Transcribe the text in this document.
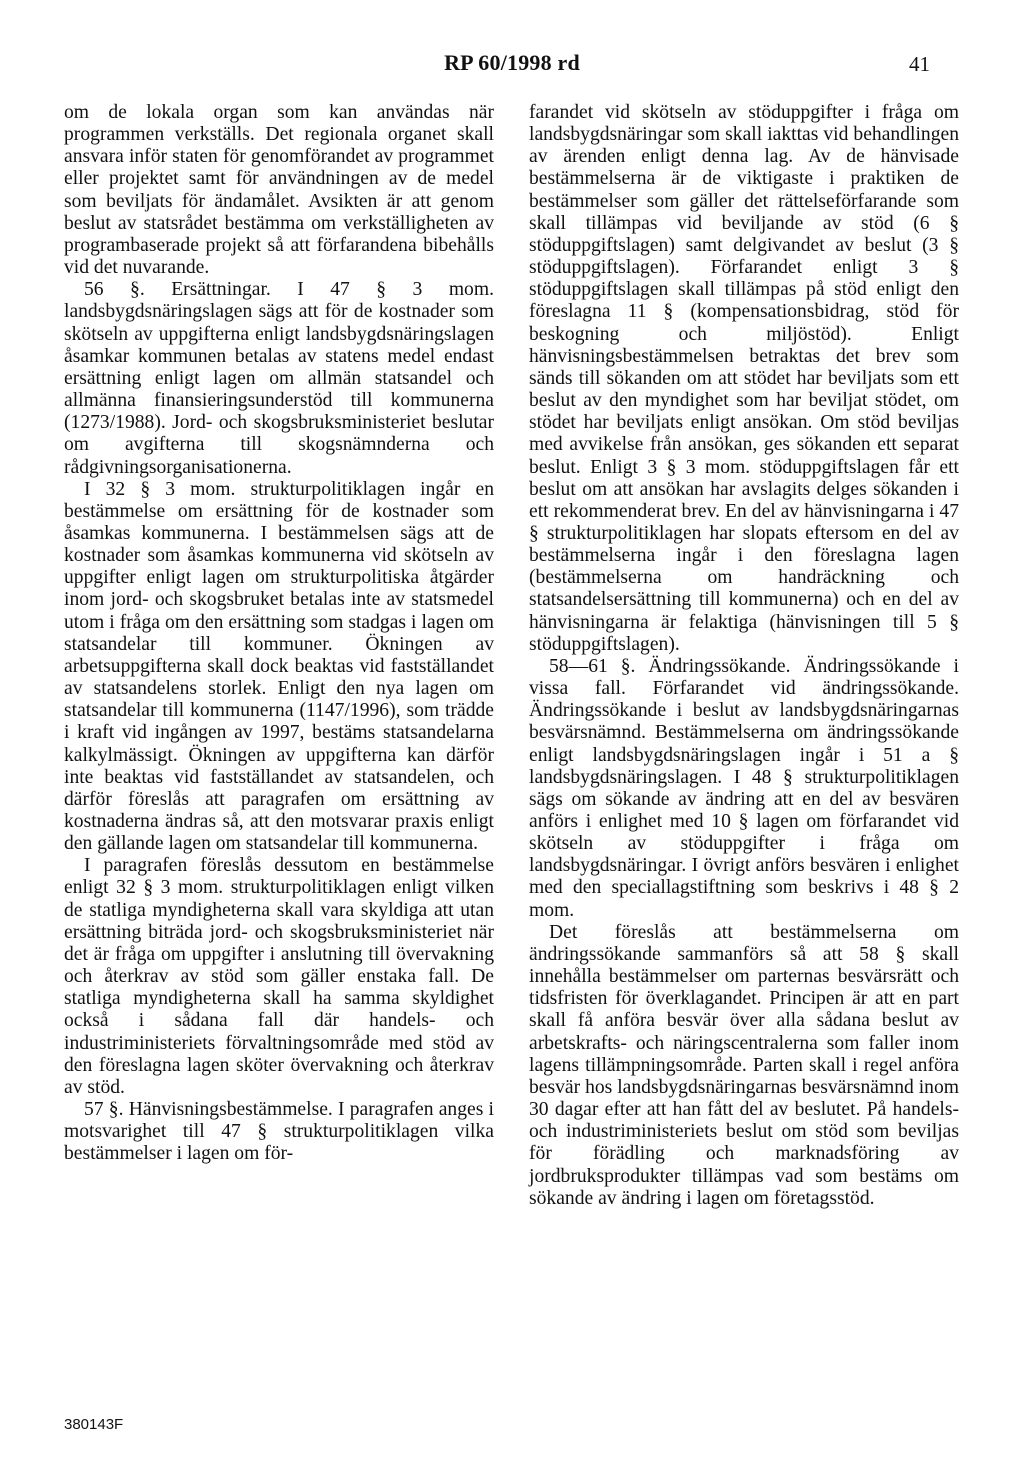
RP 60/1998 rd	41

om de lokala organ som kan användas när programmen verkställs. Det regionala organet skall ansvara inför staten för genomförandet av programmet eller projektet samt för användningen av de medel som beviljats för ändamålet. Avsikten är att genom beslut av statsrådet bestämma om verkställigheten av programbaserade projekt så att förfarandena bibehålls vid det nuvarande.

56 §. Ersättningar. I 47 § 3 mom. landsbygdsnäringslagen sägs att för de kostnader som skötseln av uppgifterna enligt landsbygdsnäringslagen åsamkar kommunen betalas av statens medel endast ersättning enligt lagen om allmän statsandel och allmänna finansieringsunderstöd till kommunerna (1273/1988). Jord- och skogsbruksministeriet beslutar om avgifterna till skogsnämnderna och rådgivningsorganisationerna.

I 32 § 3 mom. strukturpolitiklagen ingår en bestämmelse om ersättning för de kostnader som åsamkas kommunerna. I bestämmelsen sägs att de kostnader som åsamkas kommunerna vid skötseln av uppgifter enligt lagen om strukturpolitiska åtgärder inom jord- och skogsbruket betalas inte av statsmedel utom i fråga om den ersättning som stadgas i lagen om statsandelar till kommuner. Ökningen av arbetsuppgifterna skall dock beaktas vid fastställandet av statsandelens storlek. Enligt den nya lagen om statsandelar till kommunerna (1147/1996), som trädde i kraft vid ingången av 1997, bestäms statsandelarna kalkylmässigt. Ökningen av uppgifterna kan därför inte beaktas vid fastställandet av statsandelen, och därför föreslås att paragrafen om ersättning av kostnaderna ändras så, att den motsvarar praxis enligt den gällande lagen om statsandelar till kommunerna.

I paragrafen föreslås dessutom en bestämmelse enligt 32 § 3 mom. strukturpolitiklagen enligt vilken de statliga myndigheterna skall vara skyldiga att utan ersättning biträda jord- och skogsbruksministeriet när det är fråga om uppgifter i anslutning till övervakning och återkrav av stöd som gäller enstaka fall. De statliga myndigheterna skall ha samma skyldighet också i sådana fall där handels- och industriministeriets förvaltningsområde med stöd av den föreslagna lagen sköter övervakning och återkrav av stöd.

57 §. Hänvisningsbestämmelse. I paragrafen anges i motsvarighet till 47 § strukturpolitiklagen vilka bestämmelser i lagen om för-

farandet vid skötseln av stöduppgifter i fråga om landsbygdsnäringar som skall iakttas vid behandlingen av ärenden enligt denna lag. Av de hänvisade bestämmelserna är de viktigaste i praktiken de bestämmelser som gäller det rättelseförfarande som skall tillämpas vid beviljande av stöd (6 § stöduppgiftslagen) samt delgivandet av beslut (3 § stöduppgiftslagen). Förfarandet enligt 3 § stöduppgiftslagen skall tillämpas på stöd enligt den föreslagna 11 § (kompensationsbidrag, stöd för beskogning och miljöstöd). Enligt hänvisningsbestämmelsen betraktas det brev som sänds till sökanden om att stödet har beviljats som ett beslut av den myndighet som har beviljat stödet, om stödet har beviljats enligt ansökan. Om stöd beviljas med avvikelse från ansökan, ges sökanden ett separat beslut. Enligt 3 § 3 mom. stöduppgiftslagen får ett beslut om att ansökan har avslagits delges sökanden i ett rekommenderat brev. En del av hänvisningarna i 47 § strukturpolitiklagen har slopats eftersom en del av bestämmelserna ingår i den föreslagna lagen (bestämmelserna om handräckning och statsandelsersättning till kommunerna) och en del av hänvisningarna är felaktiga (hänvisningen till 5 § stöduppgiftslagen).

58—61 §. Ändringssökande. Ändringssökande i vissa fall. Förfarandet vid ändringssökande. Ändringssökande i beslut av landsbygdsnäringarnas besvärsnämnd. Bestämmelserna om ändringssökande enligt landsbygdsnäringslagen ingår i 51 a § landsbygdsnäringslagen. I 48 § strukturpolitiklagen sägs om sökande av ändring att en del av besvären anförs i enlighet med 10 § lagen om förfarandet vid skötseln av stöduppgifter i fråga om landsbygdsnäringar. I övrigt anförs besvären i enlighet med den speciallagstiftning som beskrivs i 48 § 2 mom.

Det föreslås att bestämmelserna om ändringssökande sammanförs så att 58 § skall innehålla bestämmelser om parternas besvärsrätt och tidsfristen för överklagandet. Principen är att en part skall få anföra besvär över alla sådana beslut av arbetskrafts- och näringscentralerna som faller inom lagens tillämpningsområde. Parten skall i regel anföra besvär hos landsbygdsnäringarnas besvärsnämnd inom 30 dagar efter att han fått del av beslutet. På handels- och industriministeriets beslut om stöd som beviljas för förädling och marknadsföring av jordbruksprodukter tillämpas vad som bestäms om sökande av ändring i lagen om företagsstöd.

380143F
